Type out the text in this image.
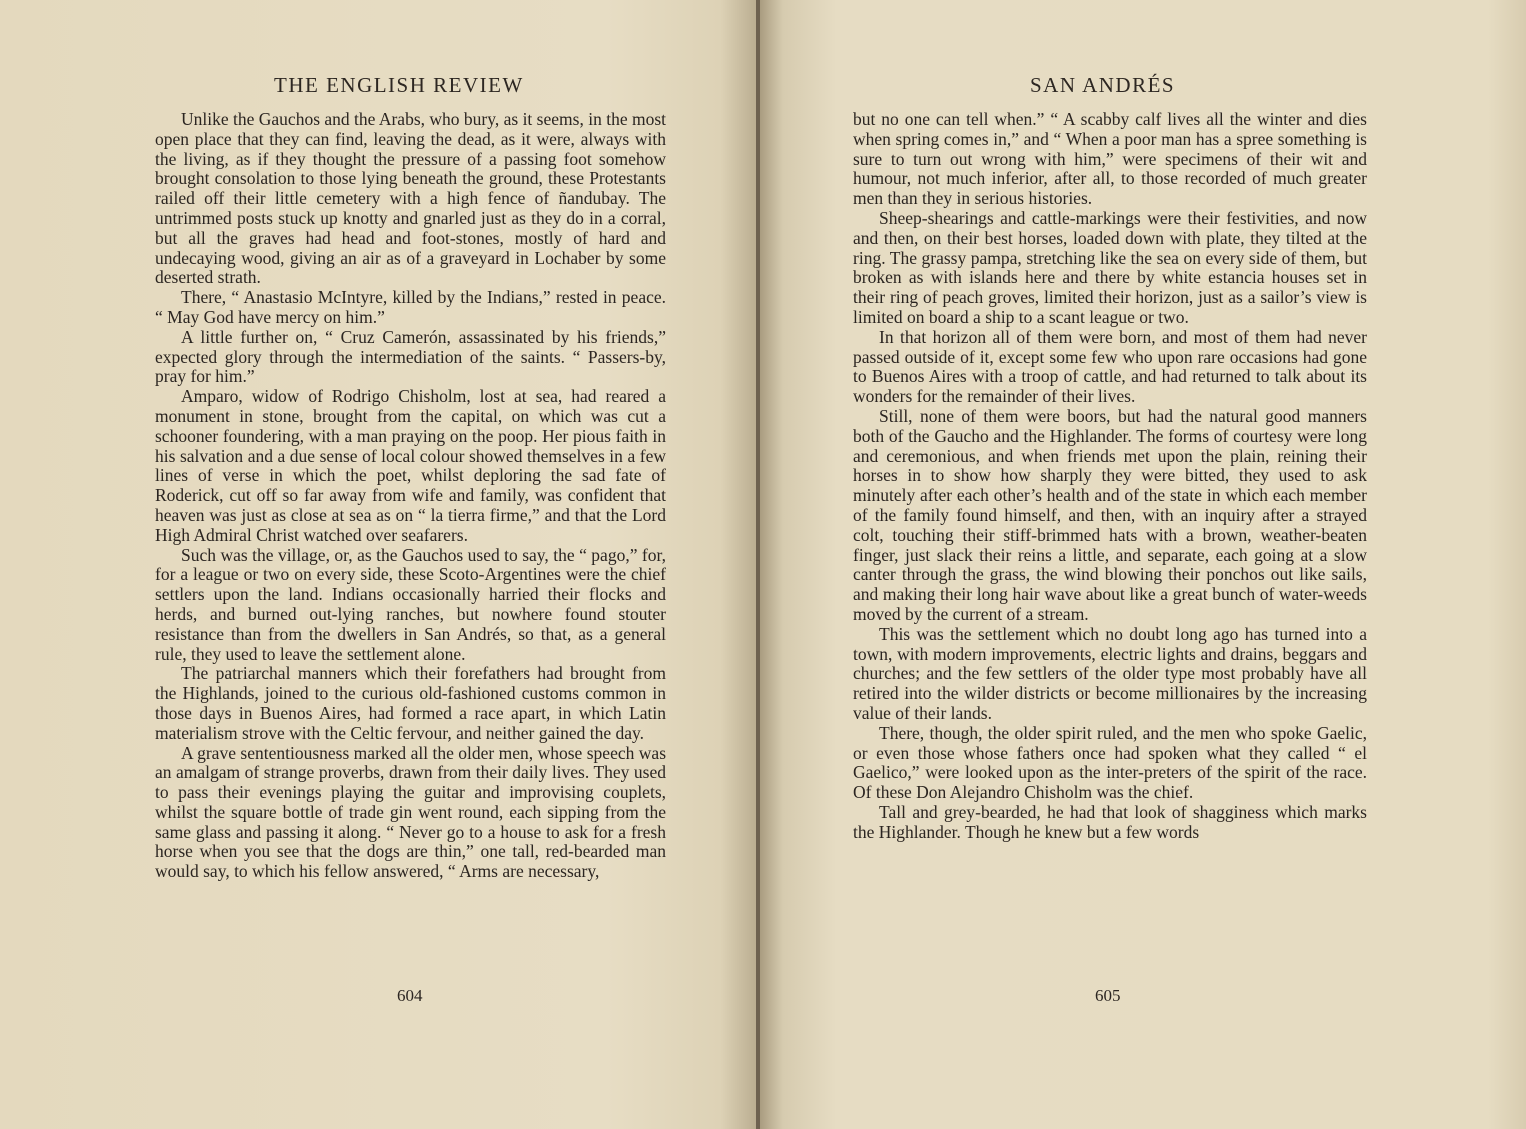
THE ENGLISH REVIEW

Unlike the Gauchos and the Arabs, who bury, as it seems, in the most open place that they can find, leaving the dead, as it were, always with the living, as if they thought the pressure of a passing foot somehow brought consolation to those lying beneath the ground, these Protestants railed off their little cemetery with a high fence of ñandubay. The untrimmed posts stuck up knotty and gnarled just as they do in a corral, but all the graves had head and foot-stones, mostly of hard and undecaying wood, giving an air as of a graveyard in Lochaber by some deserted strath.

There, “ Anastasio McIntyre, killed by the Indians,” rested in peace. “ May God have mercy on him.”

A little further on, “ Cruz Camerón, assassinated by his friends,” expected glory through the intermediation of the saints. “ Passers-by, pray for him.”

Amparo, widow of Rodrigo Chisholm, lost at sea, had reared a monument in stone, brought from the capital, on which was cut a schooner foundering, with a man praying on the poop. Her pious faith in his salvation and a due sense of local colour showed themselves in a few lines of verse in which the poet, whilst deploring the sad fate of Roderick, cut off so far away from wife and family, was confident that heaven was just as close at sea as on “ la tierra firme,” and that the Lord High Admiral Christ watched over seafarers.

Such was the village, or, as the Gauchos used to say, the “ pago,” for, for a league or two on every side, these Scoto-Argentines were the chief settlers upon the land. Indians occasionally harried their flocks and herds, and burned out-lying ranches, but nowhere found stouter resistance than from the dwellers in San Andrés, so that, as a general rule, they used to leave the settlement alone.

The patriarchal manners which their forefathers had brought from the Highlands, joined to the curious old-fashioned customs common in those days in Buenos Aires, had formed a race apart, in which Latin materialism strove with the Celtic fervour, and neither gained the day.

A grave sententiousness marked all the older men, whose speech was an amalgam of strange proverbs, drawn from their daily lives. They used to pass their evenings playing the guitar and improvising couplets, whilst the square bottle of trade gin went round, each sipping from the same glass and passing it along. “ Never go to a house to ask for a fresh horse when you see that the dogs are thin,” one tall, red-bearded man would say, to which his fellow answered, “ Arms are necessary,

604
SAN ANDRÉS

but no one can tell when.” “ A scabby calf lives all the winter and dies when spring comes in,” and “ When a poor man has a spree something is sure to turn out wrong with him,” were specimens of their wit and humour, not much inferior, after all, to those recorded of much greater men than they in serious histories.

Sheep-shearings and cattle-markings were their festivities, and now and then, on their best horses, loaded down with plate, they tilted at the ring. The grassy pampa, stretching like the sea on every side of them, but broken as with islands here and there by white estancia houses set in their ring of peach groves, limited their horizon, just as a sailor’s view is limited on board a ship to a scant league or two.

In that horizon all of them were born, and most of them had never passed outside of it, except some few who upon rare occasions had gone to Buenos Aires with a troop of cattle, and had returned to talk about its wonders for the remainder of their lives.

Still, none of them were boors, but had the natural good manners both of the Gaucho and the Highlander. The forms of courtesy were long and ceremonious, and when friends met upon the plain, reining their horses in to show how sharply they were bitted, they used to ask minutely after each other’s health and of the state in which each member of the family found himself, and then, with an inquiry after a strayed colt, touching their stiff-brimmed hats with a brown, weather-beaten finger, just slack their reins a little, and separate, each going at a slow canter through the grass, the wind blowing their ponchos out like sails, and making their long hair wave about like a great bunch of water-weeds moved by the current of a stream.

This was the settlement which no doubt long ago has turned into a town, with modern improvements, electric lights and drains, beggars and churches; and the few settlers of the older type most probably have all retired into the wilder districts or become millionaires by the increasing value of their lands.

There, though, the older spirit ruled, and the men who spoke Gaelic, or even those whose fathers once had spoken what they called “ el Gaelico,” were looked upon as the inter-preters of the spirit of the race. Of these Don Alejandro Chisholm was the chief.

Tall and grey-bearded, he had that look of shagginess which marks the Highlander. Though he knew but a few words

605
